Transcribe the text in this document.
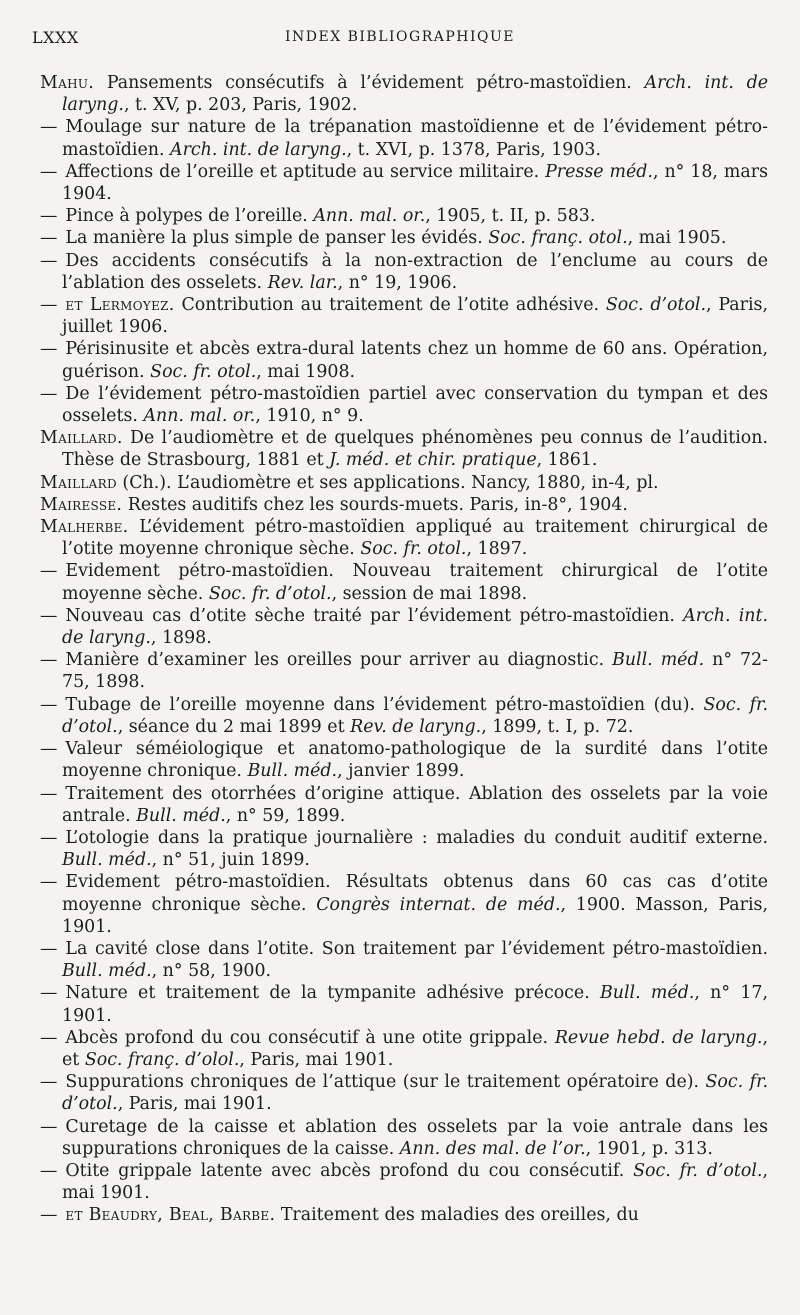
LXXX	INDEX BIBLIOGRAPHIQUE
Mahu. Pansements consécutifs à l’évidement pétro-mastoïdien. Arch. int. de laryng., t. XV, p. 203, Paris, 1902.
— Moulage sur nature de la trépanation mastoïdienne et de l’évidement pétro-mastoïdien. Arch. int. de laryng., t. XVI, p. 1378, Paris, 1903.
— Affections de l’oreille et aptitude au service militaire. Presse méd., n° 18, mars 1904.
— Pince à polypes de l’oreille. Ann. mal. or., 1905, t. II, p. 583.
— La manière la plus simple de panser les évidés. Soc. franç. otol., mai 1905.
— Des accidents consécutifs à la non-extraction de l’enclume au cours de l’ablation des osselets. Rev. lar., n° 19, 1906.
— et Lermoyez. Contribution au traitement de l’otite adhésive. Soc. d’otol., Paris, juillet 1906.
— Périsinusite et abcès extra-dural latents chez un homme de 60 ans. Opération, guérison. Soc. fr. otol., mai 1908.
— De l’évidement pétro-mastoïdien partiel avec conservation du tympan et des osselets. Ann. mal. or., 1910, n° 9.
Maillard. De l’audiomètre et de quelques phénomènes peu connus de l’audition. Thèse de Strasbourg, 1881 et J. méd. et chir. pratique, 1861.
Maillard (Ch.). L’audiomètre et ses applications. Nancy, 1880, in-4, pl.
Mairesse. Restes auditifs chez les sourds-muets. Paris, in-8°, 1904.
Malherbe. L’évidement pétro-mastoïdien appliqué au traitement chirurgical de l’otite moyenne chronique sèche. Soc. fr. otol., 1897.
— Evidement pétro-mastoïdien. Nouveau traitement chirurgical de l’otite moyenne sèche. Soc. fr. d’otol., session de mai 1898.
— Nouveau cas d’otite sèche traité par l’évidement pétro-mastoïdien. Arch. int. de laryng., 1898.
— Manière d’examiner les oreilles pour arriver au diagnostic. Bull. méd. n° 72-75, 1898.
— Tubage de l’oreille moyenne dans l’évidement pétro-mastoïdien (du). Soc. fr. d’otol., séance du 2 mai 1899 et Rev. de laryng., 1899, t. I, p. 72.
— Valeur séméiologique et anatomo-pathologique de la surdité dans l’otite moyenne chronique. Bull. méd., janvier 1899.
— Traitement des otorrhées d’origine attique. Ablation des osselets par la voie antrale. Bull. méd., n° 59, 1899.
— L’otologie dans la pratique journalière : maladies du conduit auditif externe. Bull. méd., n° 51, juin 1899.
— Evidement pétro-mastoïdien. Résultats obtenus dans 60 cas cas d’otite moyenne chronique sèche. Congrès internat. de méd., 1900. Masson, Paris, 1901.
— La cavité close dans l’otite. Son traitement par l’évidement pétro-mastoïdien. Bull. méd., n° 58, 1900.
— Nature et traitement de la tympanite adhésive précoce. Bull. méd., n° 17, 1901.
— Abcès profond du cou consécutif à une otite grippale. Revue hebd. de laryng., et Soc. franç. d’olol., Paris, mai 1901.
— Suppurations chroniques de l’attique (sur le traitement opératoire de). Soc. fr. d’otol., Paris, mai 1901.
— Curetage de la caisse et ablation des osselets par la voie antrale dans les suppurations chroniques de la caisse. Ann. des mal. de l’or., 1901, p. 313.
— Otite grippale latente avec abcès profond du cou consécutif. Soc. fr. d’otol., mai 1901.
— et Beaudry, Beal, Barbe. Traitement des maladies des oreilles, du
